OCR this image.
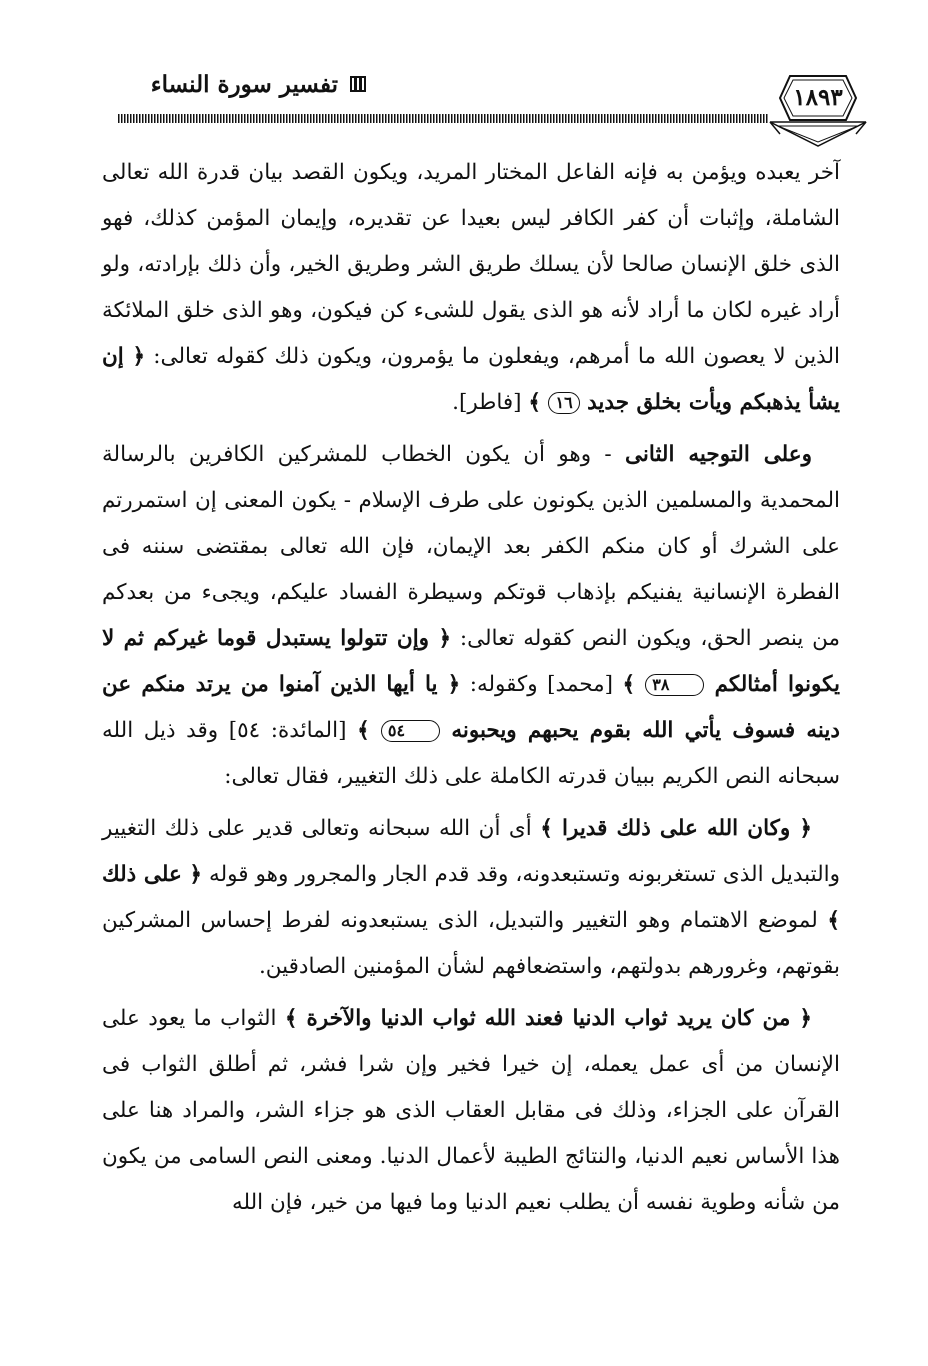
تفسير سورة النساء	١٨٩٣

آخر يعبده ويؤمن به فإنه الفاعل المختار المريد، ويكون القصد بيان قدرة الله تعالى الشاملة، وإثبات أن كفر الكافر ليس بعيدا عن تقديره، وإيمان المؤمن كذلك، فهو الذى خلق الإنسان صالحا لأن يسلك طريق الشر وطريق الخير، وأن ذلك بإرادته، ولو أراد غيره لكان ما أراد لأنه هو الذى يقول للشىء كن فيكون، وهو الذى خلق الملائكة الذين لا يعصون الله ما أمرهم، ويفعلون ما يؤمرون، ويكون ذلك كقوله تعالى: ﴿ إن يشأ يذهبكم ويأت بخلق جديد ١٦ ﴾ [فاطر].

وعلى التوجيه الثانى - وهو أن يكون الخطاب للمشركين الكافرين بالرسالة المحمدية والمسلمين الذين يكونون على طرف الإسلام - يكون المعنى إن استمررتم على الشرك أو كان منكم الكفر بعد الإيمان، فإن الله تعالى بمقتضى سننه فى الفطرة الإنسانية يفنيكم بإذهاب قوتكم وسيطرة الفساد عليكم، ويجىء من بعدكم من ينصر الحق، ويكون النص كقوله تعالى: ﴿ وإن تتولوا يستبدل قوما غيركم ثم لا يكونوا أمثالكم ٣٨ ﴾ [محمد] وكقوله: ﴿ يا أيها الذين آمنوا من يرتد منكم عن دينه فسوف يأتي الله بقوم يحبهم ويحبونه ٥٤ ﴾ [المائدة: ٥٤] وقد ذيل الله سبحانه النص الكريم ببيان قدرته الكاملة على ذلك التغيير، فقال تعالى:

﴿ وكان الله على ذلك قديرا ﴾ أى أن الله سبحانه وتعالى قدير على ذلك التغيير والتبديل الذى تستغربونه وتستبعدونه، وقد قدم الجار والمجرور وهو قوله ﴿ على ذلك ﴾ لموضع الاهتمام وهو التغيير والتبديل، الذى يستبعدونه لفرط إحساس المشركين بقوتهم، وغرورهم بدولتهم، واستضعافهم لشأن المؤمنين الصادقين.

﴿ من كان يريد ثواب الدنيا فعند الله ثواب الدنيا والآخرة ﴾ الثواب ما يعود على الإنسان من أى عمل يعمله، إن خيرا فخير وإن شرا فشر، ثم أطلق الثواب فى القرآن على الجزاء، وذلك فى مقابل العقاب الذى هو جزاء الشر، والمراد هنا على هذا الأساس نعيم الدنيا، والنتائج الطيبة لأعمال الدنيا. ومعنى النص السامى من يكون من شأنه وطوية نفسه أن يطلب نعيم الدنيا وما فيها من خير، فإن الله
